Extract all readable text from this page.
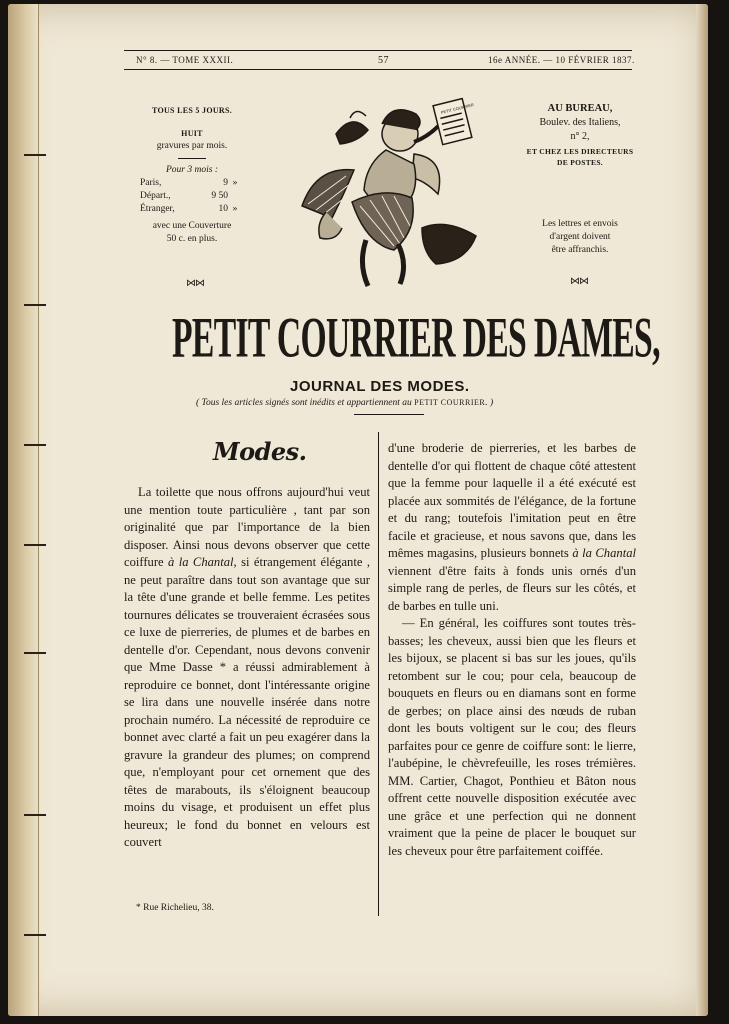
N° 8. — TOME XXXII.	57	16e ANNÉE. — 10 FÉVRIER 1837.
TOUS LES 5 JOURS.
HUIT
gravures par mois.
Pour 3 mois :
Paris,	9 »
Départ.,	9 50
Étranger,	10 »
avec une Couverture
50 c. en plus.
⋈⋈
AU BUREAU,
Boulev. des Italiens,
n° 2,
ET CHEZ LES DIRECTEURS
DE POSTES.
Les lettres et envois
d'argent doivent
être affranchis.
⋈⋈
PETIT COURRIER
PETIT COURRIER DES DAMES,
JOURNAL DES MODES.
( Tous les articles signés sont inédits et appartiennent au PETIT COURRIER. )
Modes.

La toilette que nous offrons aujourd'hui veut une mention toute particulière , tant par son originalité que par l'importance de la bien disposer. Ainsi nous devons observer que cette coiffure à la Chantal, si étrangement élégante , ne peut paraître dans tout son avantage que sur la tête d'une grande et belle femme. Les petites tournures délicates se trouveraient écrasées sous ce luxe de pierreries, de plumes et de barbes en dentelle d'or. Cependant, nous devons convenir que Mme Dasse * a réussi admirablement à reproduire ce bonnet, dont l'intéressante origine se lira dans une nouvelle insérée dans notre prochain numéro. La nécessité de reproduire ce bonnet avec clarté a fait un peu exagérer dans la gravure la grandeur des plumes; on comprend que, n'employant pour cet ornement que des têtes de marabouts, ils s'éloignent beaucoup moins du visage, et produisent un effet plus heureux; le fond du bonnet en velours est couvert

d'une broderie de pierreries, et les barbes de dentelle d'or qui flottent de chaque côté attestent que la femme pour laquelle il a été exécuté est placée aux sommités de l'élégance, de la fortune et du rang; toutefois l'imitation peut en être facile et gracieuse, et nous savons que, dans les mêmes magasins, plusieurs bonnets à la Chantal viennent d'être faits à fonds unis ornés d'un simple rang de perles, de fleurs sur les côtés, et de barbes en tulle uni.

— En général, les coiffures sont toutes très-basses; les cheveux, aussi bien que les fleurs et les bijoux, se placent si bas sur les joues, qu'ils retombent sur le cou; pour cela, beaucoup de bouquets en fleurs ou en diamans sont en forme de gerbes; on place ainsi des nœuds de ruban dont les bouts voltigent sur le cou; des fleurs parfaites pour ce genre de coiffure sont: le lierre, l'aubépine, le chèvrefeuille, les roses trémières. MM. Cartier, Chagot, Ponthieu et Bâton nous offrent cette nouvelle disposition exécutée avec une grâce et une perfection qui ne donnent vraiment que la peine de placer le bouquet sur les cheveux pour être parfaitement coiffée.

* Rue Richelieu, 38.
